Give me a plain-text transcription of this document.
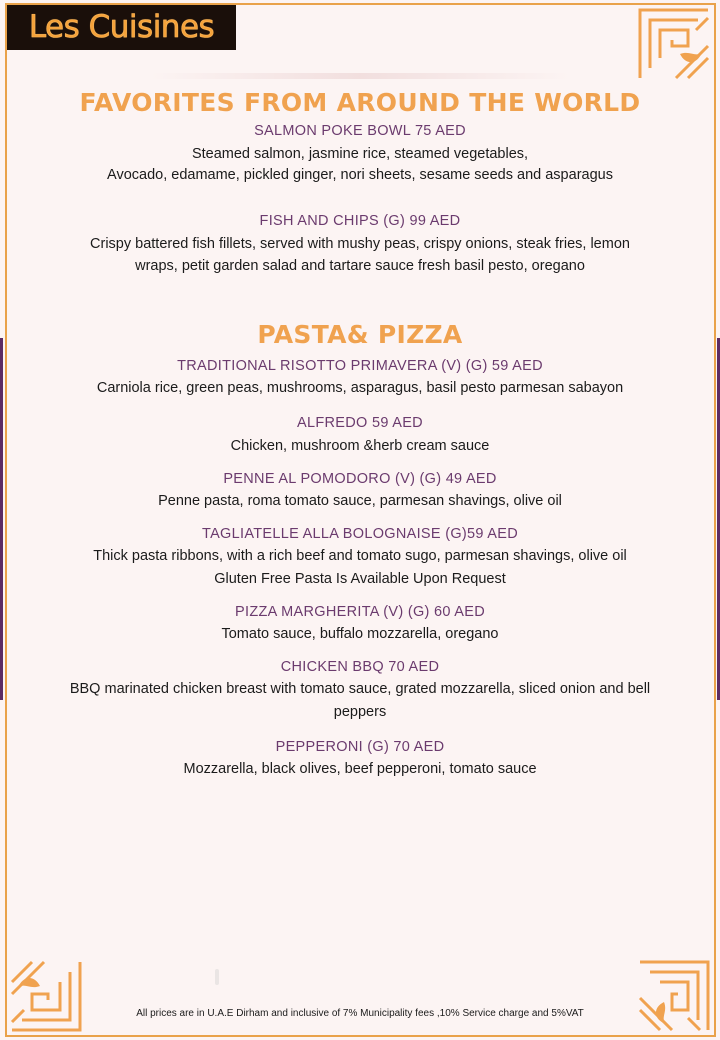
Les Cuisines
FAVORITES FROM AROUND THE WORLD
SALMON POKE BOWL 75 AED
Steamed salmon, jasmine rice, steamed vegetables,
Avocado, edamame, pickled ginger, nori sheets, sesame seeds and asparagus
FISH AND CHIPS (G) 99 AED
Crispy battered fish fillets, served with mushy peas, crispy onions, steak fries, lemon
wraps, petit garden salad and tartare sauce fresh basil pesto, oregano
PASTA& PIZZA
TRADITIONAL RISOTTO PRIMAVERA (V) (G) 59 AED
Carniola rice, green peas, mushrooms, asparagus, basil pesto parmesan sabayon
ALFREDO 59 AED
Chicken, mushroom &herb cream sauce
PENNE AL POMODORO (V) (G) 49 AED
Penne pasta, roma tomato sauce, parmesan shavings, olive oil
TAGLIATELLE ALLA BOLOGNAISE (G)59 AED
Thick pasta ribbons, with a rich beef and tomato sugo, parmesan shavings, olive oil
Gluten Free Pasta Is Available Upon Request
PIZZA MARGHERITA (V) (G) 60 AED
Tomato sauce, buffalo mozzarella, oregano
CHICKEN BBQ 70 AED
BBQ marinated chicken breast with tomato sauce, grated mozzarella, sliced onion and bell
peppers
PEPPERONI (G) 70 AED
Mozzarella, black olives, beef pepperoni, tomato sauce
All prices are in U.A.E Dirham and inclusive of 7% Municipality fees ,10% Service charge and 5%VAT
